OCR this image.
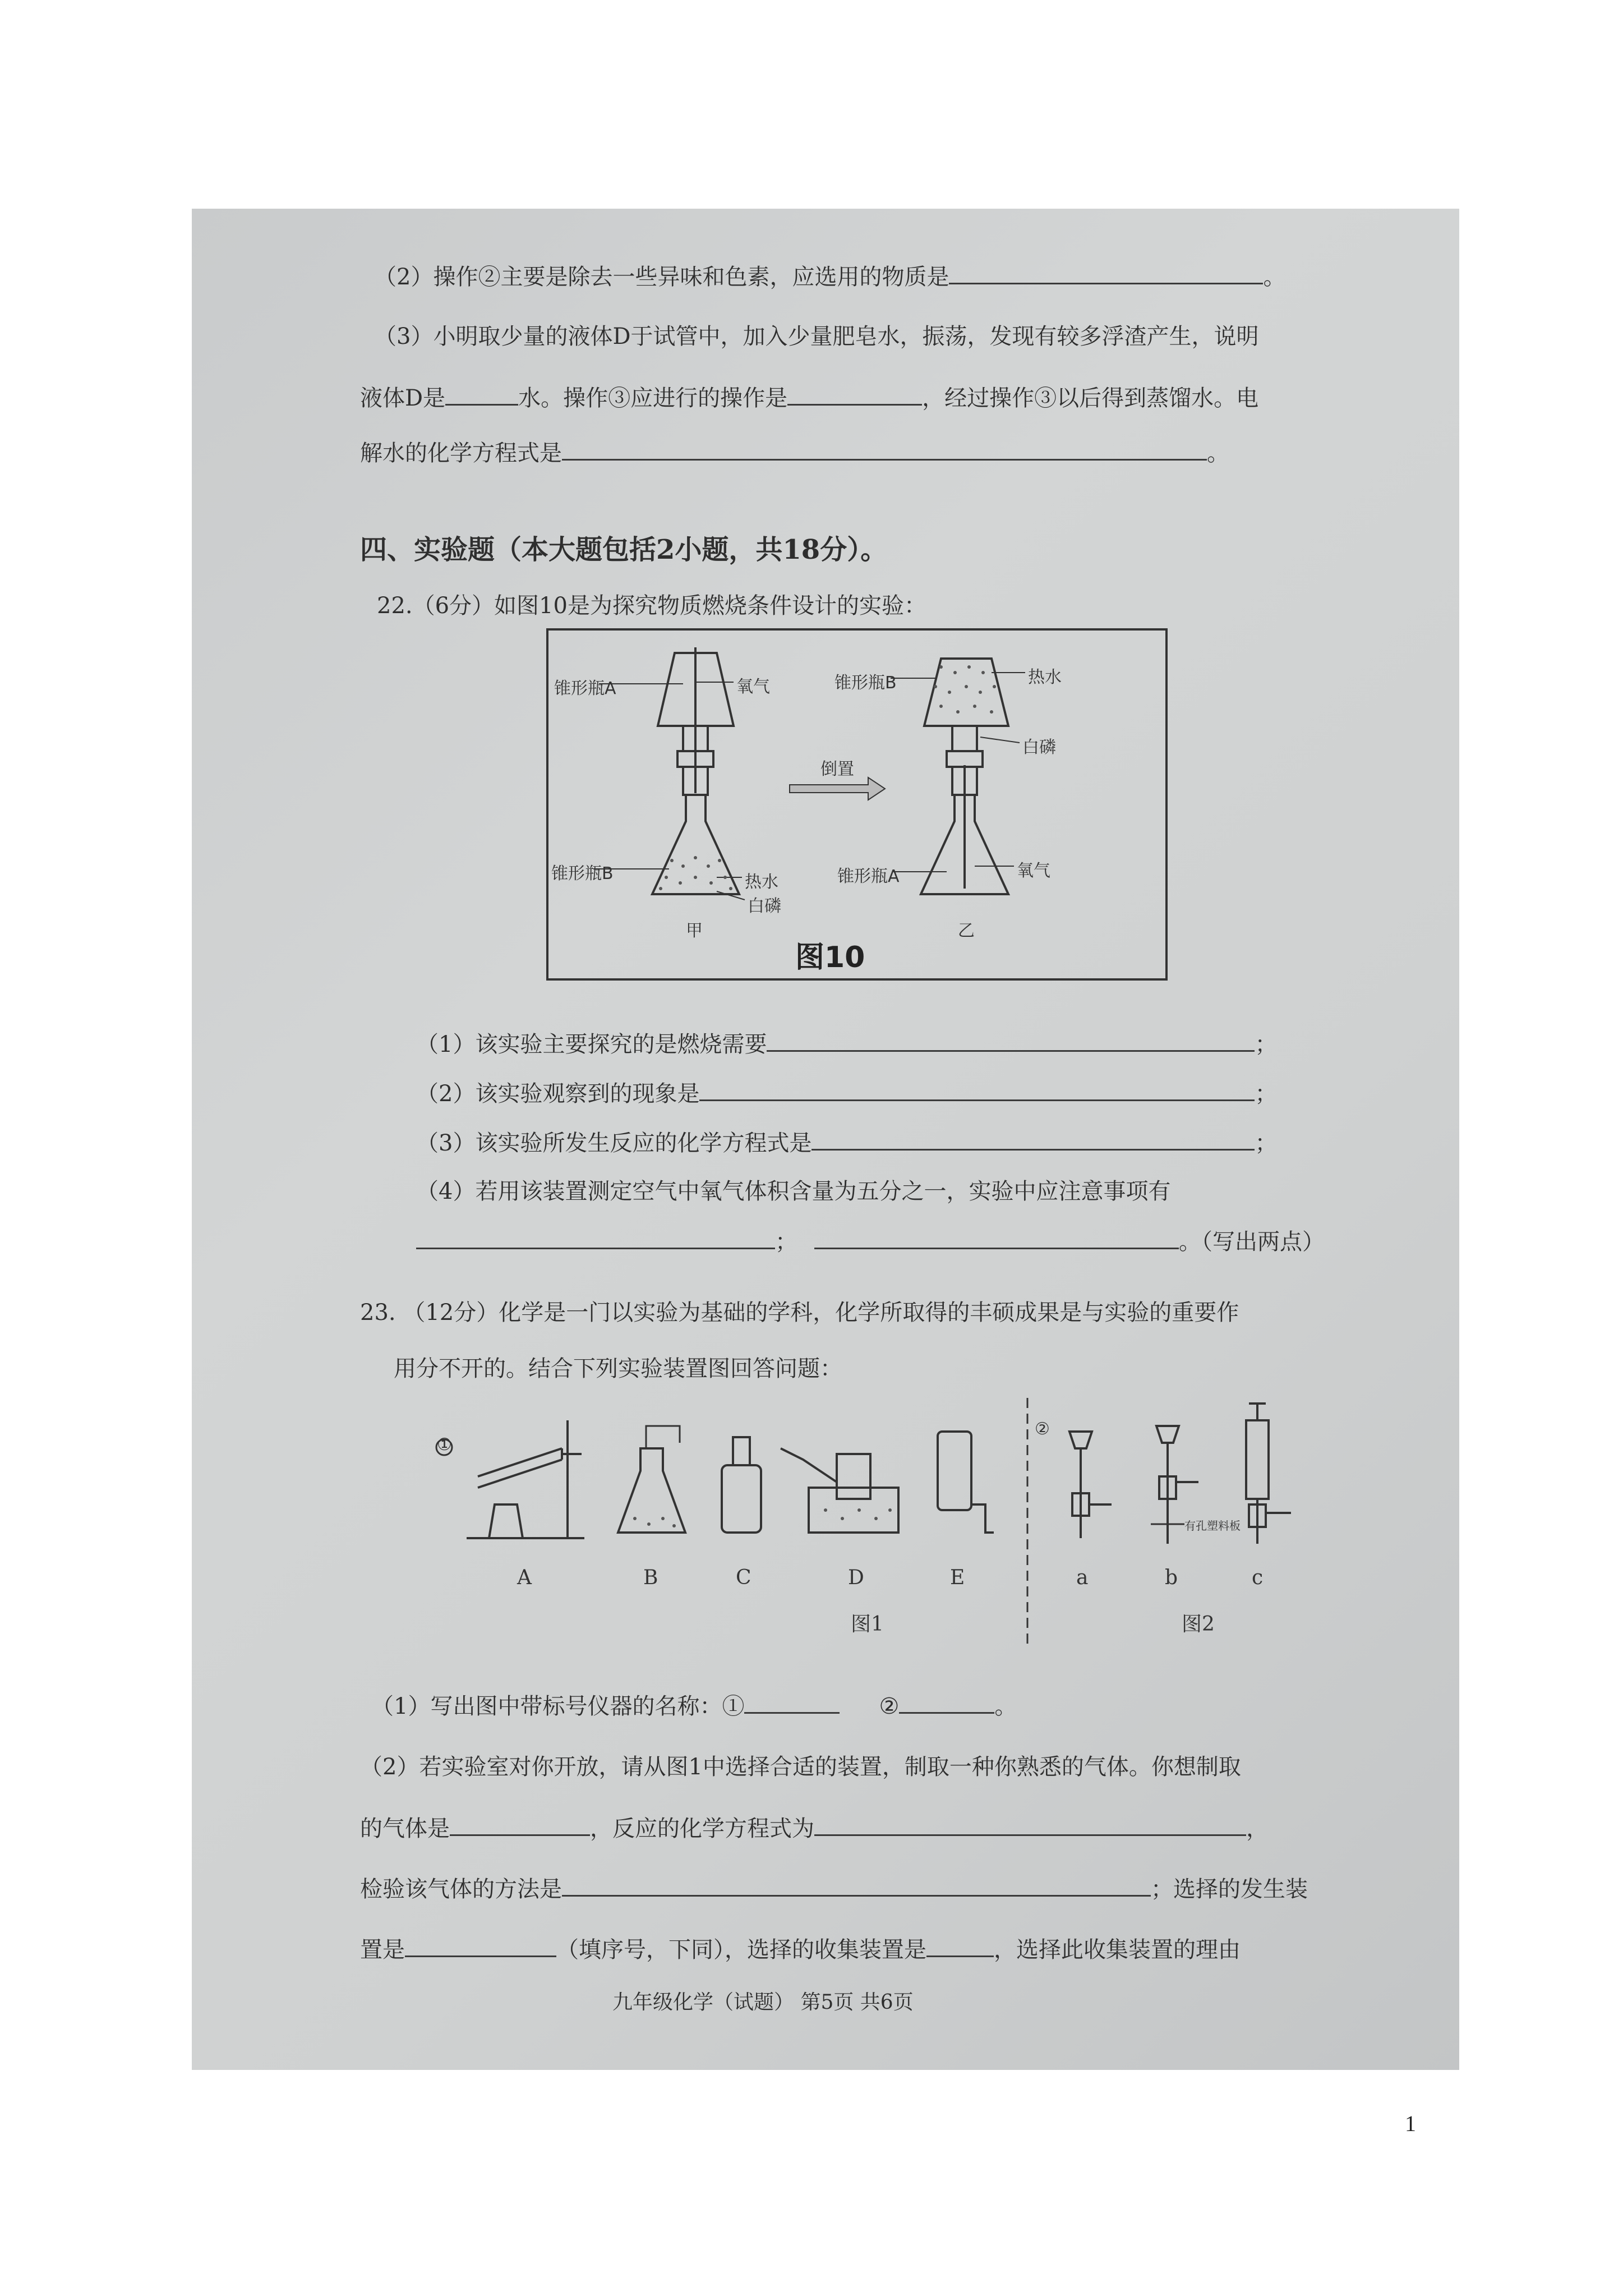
（2）操作②主要是除去一些异味和色素，应选用的物质是	。
（3）小明取少量的液体D于试管中，加入少量肥皂水，振荡，发现有较多浮渣产生，说明
液体D是	水。操作③应进行的操作是	，经过操作③以后得到蒸馏水。电
解水的化学方程式是	。
四、实验题（本大题包括2小题，共18分）。
22.（6分）如图10是为探究物质燃烧条件设计的实验：
锥形瓶A	氧气
锥形瓶B	热水
白磷
甲
倒置
锥形瓶B	热水
白磷
锥形瓶A	氧气
乙
图10
（1）该实验主要探究的是燃烧需要	；
（2）该实验观察到的现象是	；
（3）该实验所发生反应的化学方程式是	；
（4）若用该装置测定空气中氧气体积含量为五分之一，实验中应注意事项有
；	。（写出两点）
23. （12分）化学是一门以实验为基础的学科，化学所取得的丰硕成果是与实验的重要作
用分不开的。结合下列实验装置图回答问题：
①
②
有孔塑料板
A	B	C	D	E	a	b	c
图1	图2
（1）写出图中带标号仪器的名称：①	②	。
（2）若实验室对你开放，请从图1中选择合适的装置，制取一种你熟悉的气体。你想制取
的气体是	，反应的化学方程式为	，
检验该气体的方法是	；选择的发生装
置是	（填序号，下同），选择的收集装置是	，选择此收集装置的理由
九年级化学（试题） 第5页 共6页
1
